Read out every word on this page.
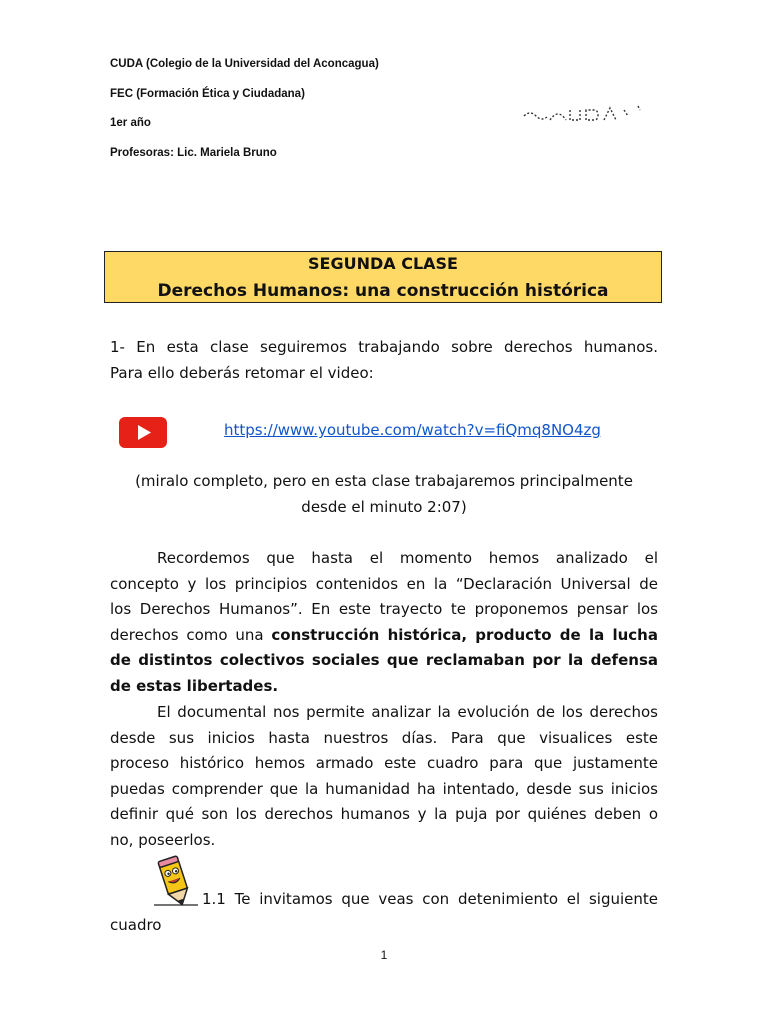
CUDA (Colegio de la Universidad del Aconcagua)
FEC (Formación Ética y Ciudadana)
1er año
Profesoras: Lic. Mariela Bruno
SEGUNDA CLASE
Derechos Humanos: una construcción histórica
1- En esta clase seguiremos trabajando sobre derechos humanos.
Para ello deberás retomar el video:
https://www.youtube.com/watch?v=fiQmq8NO4zg
(miralo completo, pero en esta clase trabajaremos principalmente
desde el minuto 2:07)
Recordemos que hasta el momento hemos analizado el
concepto y los principios contenidos en la “Declaración Universal de
los Derechos Humanos”. En este trayecto te proponemos pensar los
derechos como una construcción histórica, producto de la lucha
de distintos colectivos sociales que reclamaban por la defensa
de estas libertades.
El documental nos permite analizar la evolución de los derechos
desde sus inicios hasta nuestros días. Para que visualices este
proceso histórico hemos armado este cuadro para que justamente
puedas comprender que la humanidad ha intentado, desde sus inicios
definir qué son los derechos humanos y la puja por quiénes deben o
no, poseerlos.
1.1 Te invitamos que veas con detenimiento el siguiente
cuadro
1
